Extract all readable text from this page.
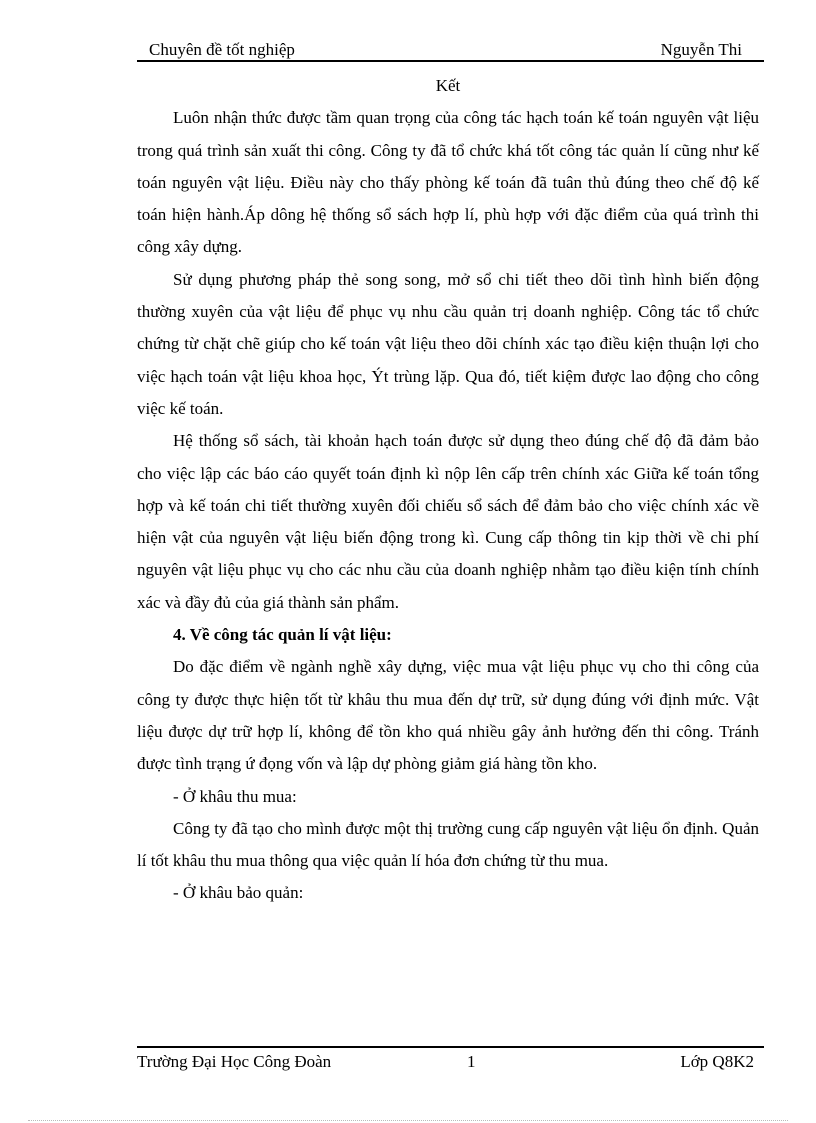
Chuyên đề tốt nghiệp	Nguyễn Thi

Kết

Luôn nhận thức được tầm quan trọng của công tác hạch toán kế toán nguyên vật liệu trong quá trình sản xuất thi công. Công ty đã tổ chức khá tốt công tác quản lí cũng như kế toán nguyên vật liệu. Điều này cho thấy phòng kế toán đã tuân thủ đúng theo chế độ kế toán hiện hành.Áp dông hệ thống sổ sách hợp lí, phù hợp với đặc điểm của quá trình thi công xây dựng.

Sử dụng phương pháp thẻ song song, mở sổ chi tiết theo dõi tình hình biến động thường xuyên của vật liệu để phục vụ nhu cầu quản trị doanh nghiệp. Công tác tổ chức chứng từ chặt chẽ giúp cho kế toán vật liệu theo dõi chính xác tạo điều kiện thuận lợi cho việc hạch toán vật liệu khoa học, Ýt trùng lặp. Qua đó, tiết kiệm được lao động cho công việc kế toán.

Hệ thống sổ sách, tài khoản hạch toán được sử dụng theo đúng chế độ đã đảm bảo cho việc lập các báo cáo quyết toán định kì nộp lên cấp trên chính xác Giữa kế toán tổng hợp và kế toán chi tiết thường xuyên đối chiếu sổ sách để đảm bảo cho việc chính xác về hiện vật của nguyên vật liệu biến động trong kì. Cung cấp thông tin kịp thời về chi phí nguyên vật liệu phục vụ cho các nhu cầu của doanh nghiệp nhằm tạo điều kiện tính chính xác và đầy đủ của giá thành sản phẩm.

4. Về công tác quản lí vật liệu:

Do đặc điểm về ngành nghề xây dựng, việc mua vật liệu phục vụ cho thi công của công ty được thực hiện tốt từ khâu thu mua đến dự trữ, sử dụng đúng với định mức. Vật liệu được dự trữ hợp lí, không để tồn kho quá nhiều gây ảnh hưởng đến thi công. Tránh được tình trạng ứ đọng vốn và lập dự phòng giảm giá hàng tồn kho.

- Ở khâu thu mua:

Công ty đã tạo cho mình được một thị trường cung cấp nguyên vật liệu ổn định. Quản lí tốt khâu thu mua thông qua việc quản lí hóa đơn chứng từ thu mua.

- Ở khâu bảo quản:

Trường Đại Học Công Đoàn	1	Lớp Q8K2
